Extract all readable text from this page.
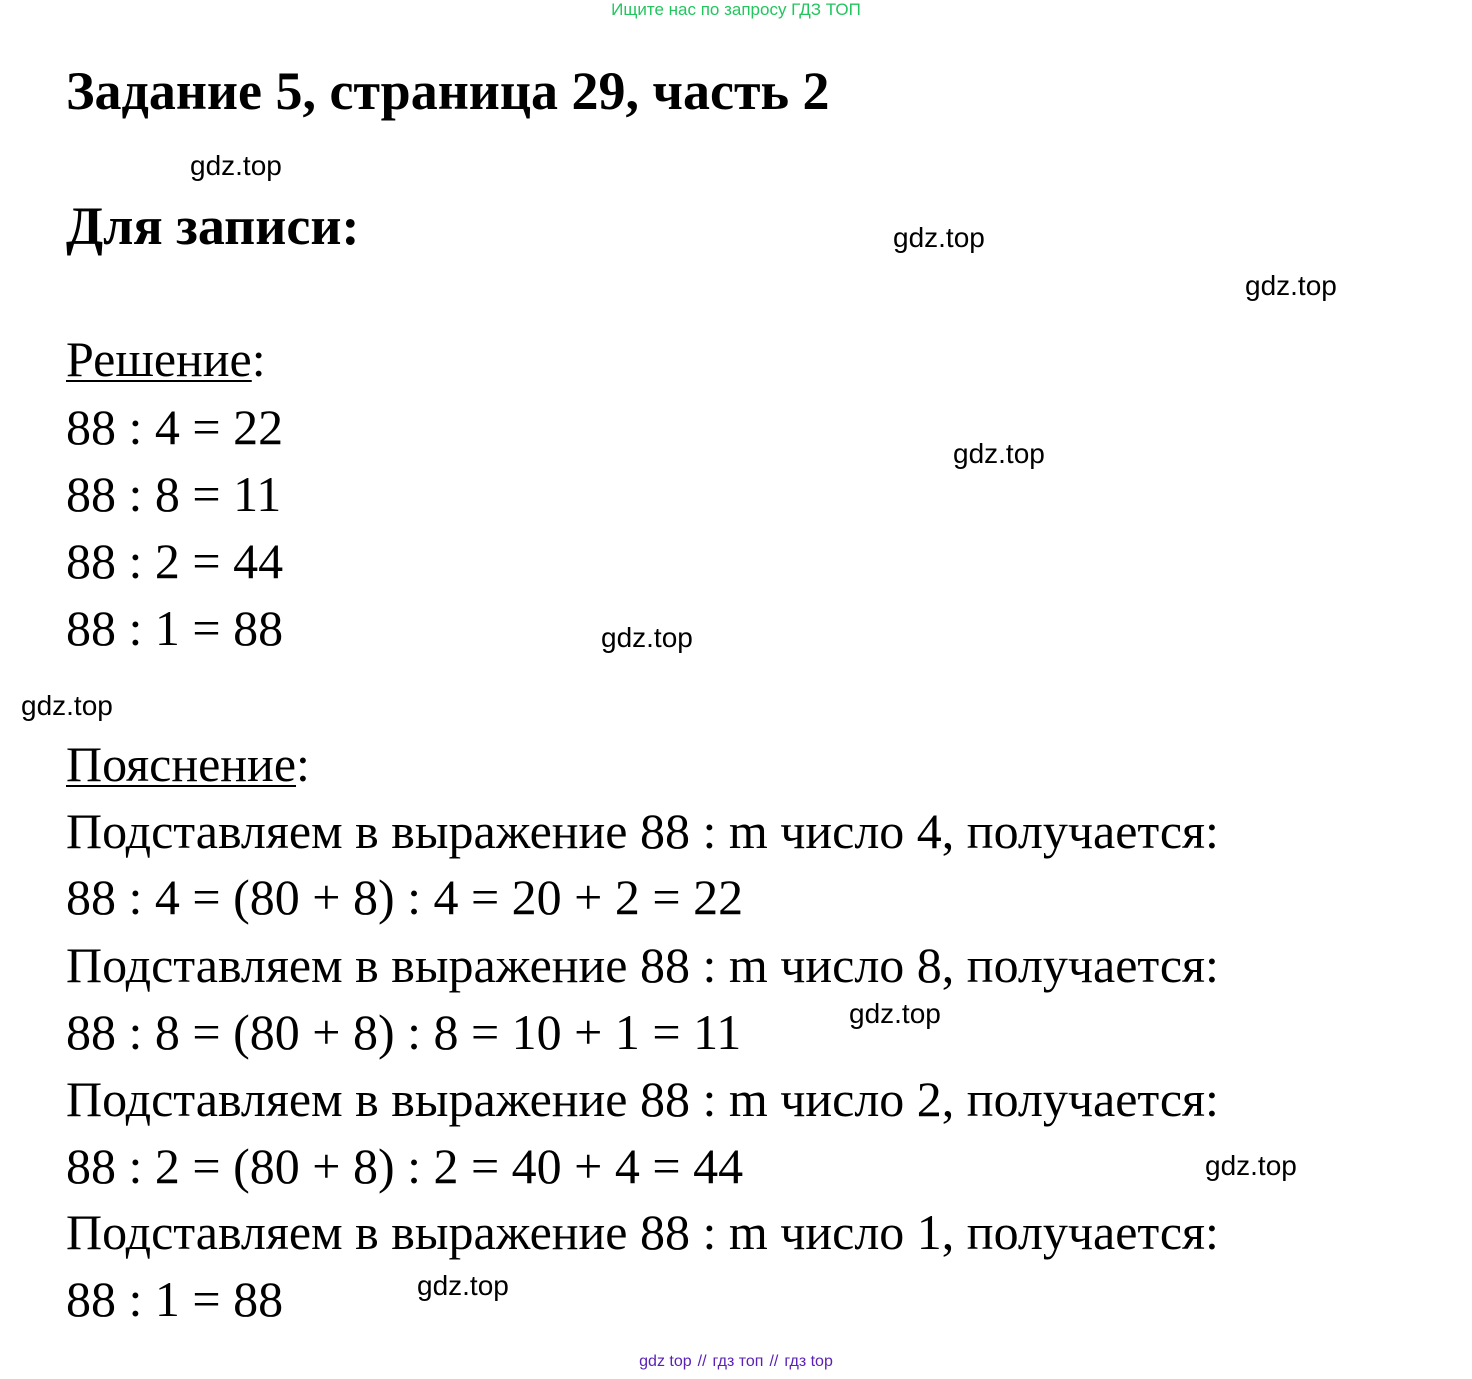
Ищите нас по запросу ГДЗ ТОП
Задание 5, страница 29, часть 2
gdz.top
Для записи:	gdz.top
gdz.top
Решение:
88 : 4 = 22
88 : 8 = 11
88 : 2 = 44
88 : 1 = 88
gdz.top
gdz.top
gdz.top
Пояснение:
Подставляем в выражение 88 : m число 4, получается:
88 : 4 = (80 + 8) : 4 = 20 + 2 = 22
Подставляем в выражение 88 : m число 8, получается:
88 : 8 = (80 + 8) : 8 = 10 + 1 = 11
Подставляем в выражение 88 : m число 2, получается:
88 : 2 = (80 + 8) : 2 = 40 + 4 = 44
Подставляем в выражение 88 : m число 1, получается:
88 : 1 = 88
gdz.top
gdz.top
gdz.top
gdz top // гдз топ // гдз top
